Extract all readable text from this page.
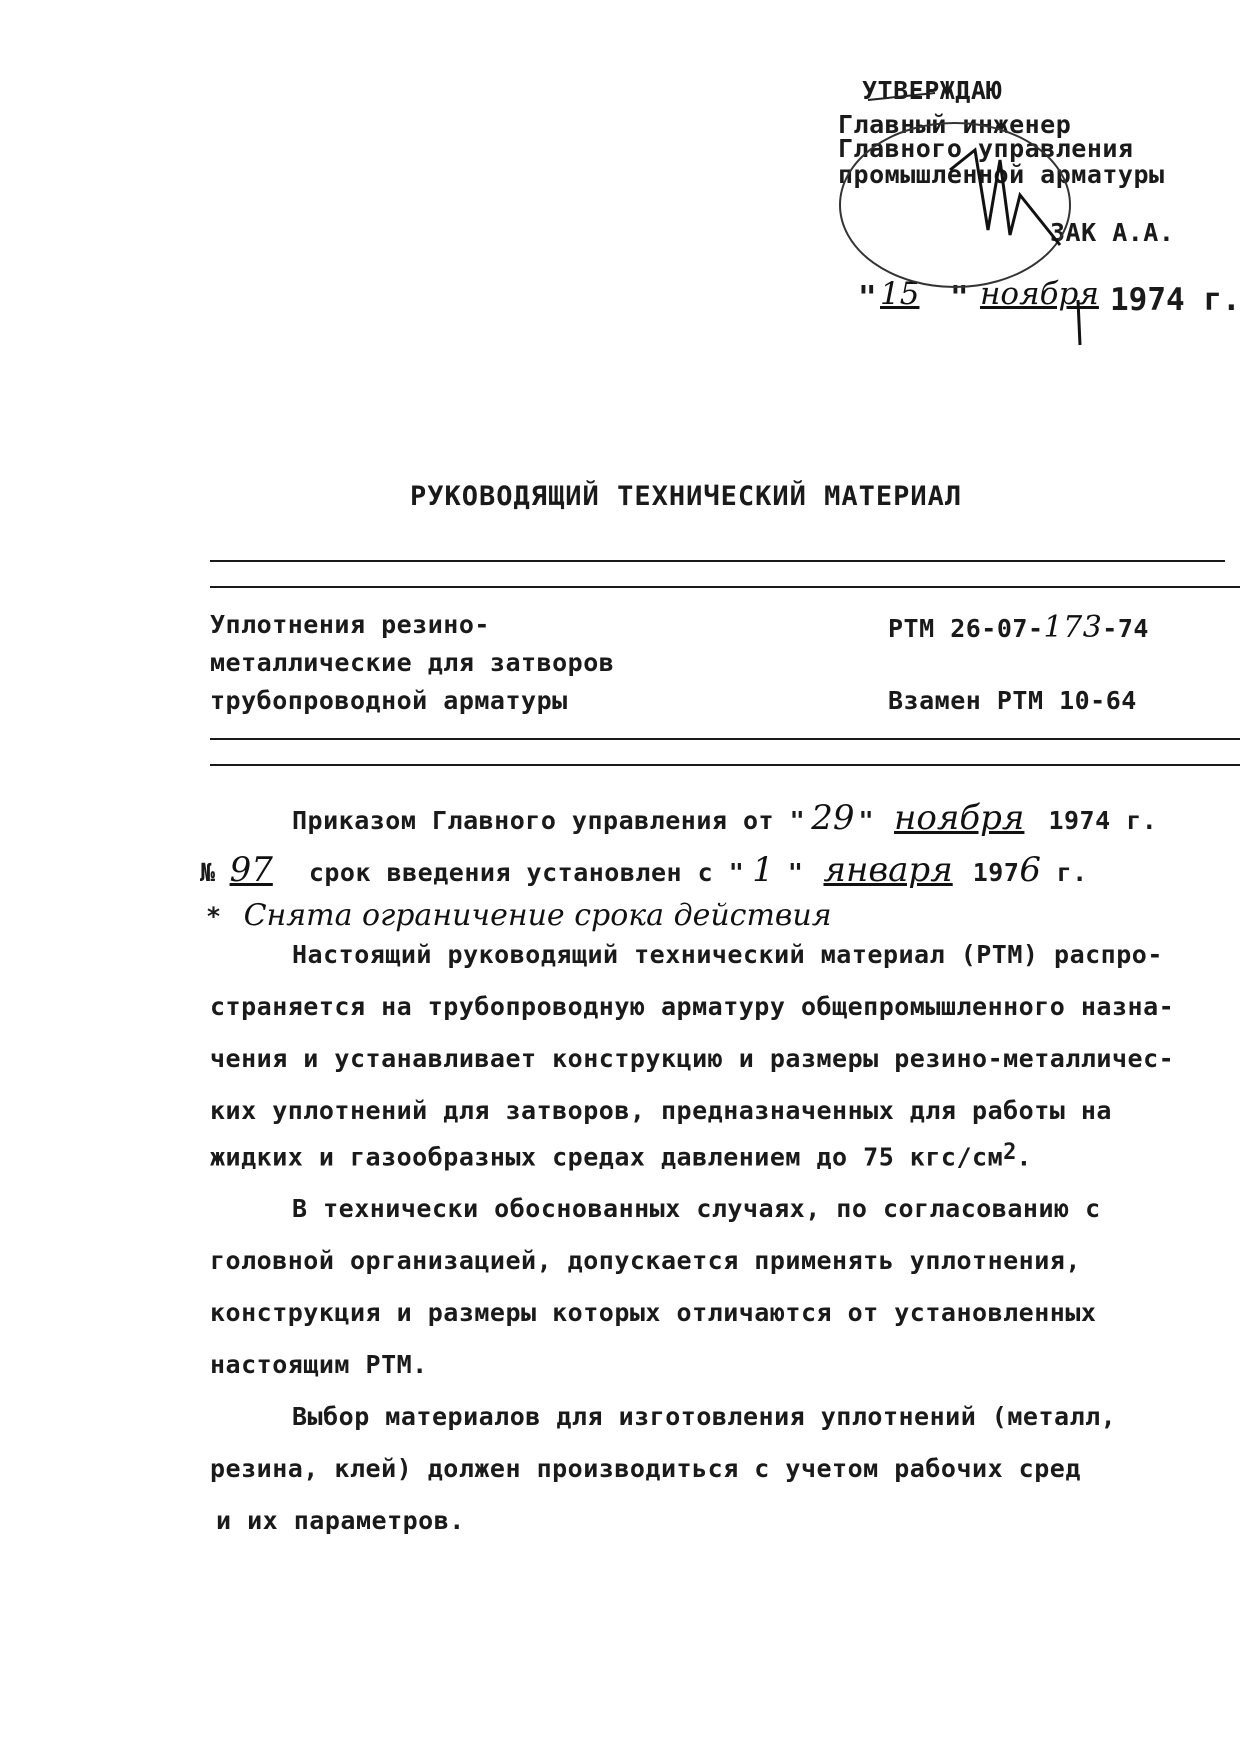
УТВЕРЖДАЮ
Главный инженер
Главного управления
промышленной арматуры
ЗАК А.А.
" 15 " ноября 1974 г.
РУКОВОДЯЩИЙ ТЕХНИЧЕСКИЙ МАТЕРИАЛ
Уплотнения резино-
металлические для затворов
трубопроводной арматуры
РТМ 26-07-173-74
Взамен РТМ 10-64
Приказом Главного управления от " 29 " ноября 1974 г.
№ 97 срок введения установлен с " 1 " января 1976 г.
* Снята ограничение срока действия
Настоящий руководящий технический материал (РТМ) распро-
страняется на трубопроводную арматуру общепромышленного назна-
чения и устанавливает конструкцию и размеры резино-металличес-
ких уплотнений для затворов, предназначенных для работы на
жидких и газообразных средах давлением до 75 кгс/$см^2$.
В технически обоснованных случаях, по согласованию с
головной организацией, допускается применять уплотнения,
конструкция и размеры которых отличаются от установленных
настоящим РТМ.
Выбор материалов для изготовления уплотнений (металл,
резина, клей) должен производиться с учетом рабочих сред
и их параметров.
